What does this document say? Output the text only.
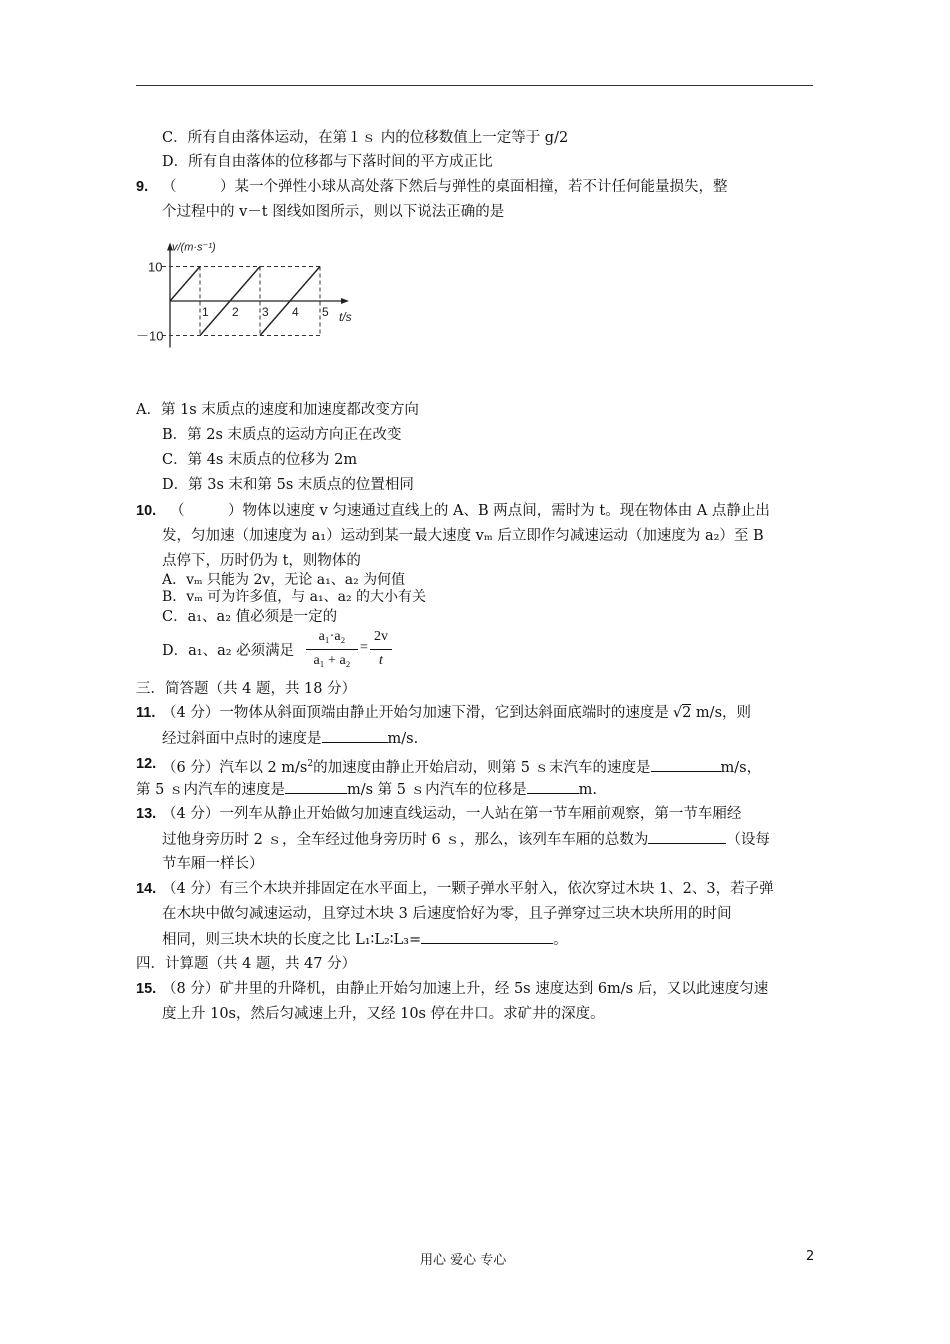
C．所有自由落体运动，在第１ｓ 内的位移数值上一定等于 g/2
D．所有自由落体的位移都与下落时间的平方成正比
9. （　　　）某一个弹性小球从高处落下然后与弹性的桌面相撞，若不计任何能量损失，整
个过程中的 v－t 图线如图所示，则以下说法正确的是
1 2 3 4 5
10
－10
v/(m·s⁻¹)
t/s
A．第 1s 末质点的速度和加速度都改变方向
B．第 2s 末质点的运动方向正在改变
C．第 4s 末质点的位移为 2m
D．第 3s 末和第 5s 末质点的位置相同
10. （　　　）物体以速度 v 匀速通过直线上的 A、B 两点间，需时为 t。现在物体由 A 点静止出
发，匀加速（加速度为 a₁）运动到某一最大速度 vₘ 后立即作匀减速运动（加速度为 a₂）至 B
点停下，历时仍为 t，则物体的
A．vₘ 只能为 2v，无论 a₁、a₂ 为何值
B．vₘ 可为许多值，与 a₁、a₂ 的大小有关
C．a₁、a₂ 值必须是一定的
D．a₁、a₂ 必须满足
a₁·a₂
a₁ + a₂
=
2v
t
三．简答题（共 4 题，共 18 分）
11. （4 分）一物体从斜面顶端由静止开始匀加速下滑，它到达斜面底端时的速度是 √2 m/s，则
经过斜面中点时的速度是	m/s.
12. （6 分）汽车以 2 $m/s^2$的加速度由静止开始启动，则第 5 ｓ末汽车的速度是	m/s，
第 5 ｓ内汽车的速度是	m/s 第 5 ｓ内汽车的位移是	m.
13. （4 分）一列车从静止开始做匀加速直线运动，一人站在第一节车厢前观察，第一节车厢经
过他身旁历时 2 ｓ，全车经过他身旁历时 6 ｓ，那么，该列车车厢的总数为	（设每
节车厢一样长）
14. （4 分）有三个木块并排固定在水平面上，一颗子弹水平射入，依次穿过木块 1、2、3，若子弹
在木块中做匀减速运动，且穿过木块 3 后速度恰好为零，且子弹穿过三块木块所用的时间
相同，则三块木块的长度之比 L₁∶L₂∶L₃=	。
四．计算题（共 4 题，共 47 分）
15. （8 分）矿井里的升降机，由静止开始匀加速上升，经 5s 速度达到 6m/s 后，又以此速度匀速
度上升 10s，然后匀减速上升，又经 10s 停在井口。求矿井的深度。
用心 爱心 专心	2
